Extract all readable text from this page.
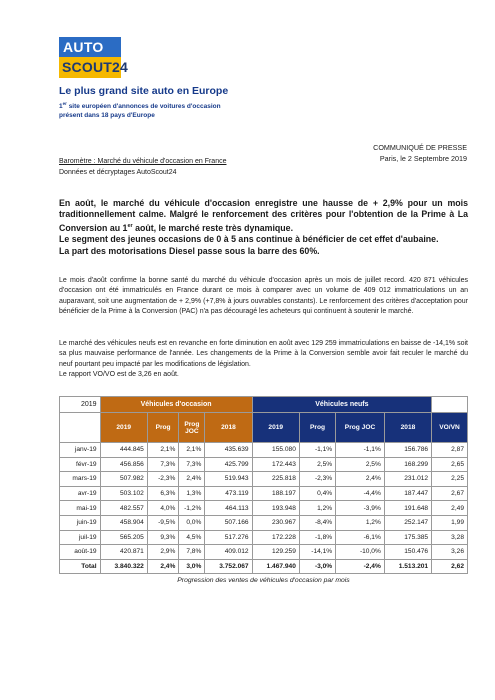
AUTO
SCOUT24
Le plus grand site auto en Europe
1er site européen d'annonces de voitures d'occasion
présent dans 18 pays d'Europe
COMMUNIQUÉ DE PRESSE
Paris, le 2 Septembre 2019
Baromètre : Marché du véhicule d'occasion en France
Données et décryptages AutoScout24
En août, le marché du véhicule d'occasion enregistre une hausse de + 2,9% pour un mois traditionnellement calme. Malgré le renforcement des critères pour l'obtention de la Prime à La Conversion au 1er août, le marché reste très dynamique.
Le segment des jeunes occasions de 0 à 5 ans continue à bénéficier de cet effet d'aubaine.
La part des motorisations Diesel passe sous la barre des 60%.
Le mois d'août confirme la bonne santé du marché du véhicule d'occasion après un mois de juillet record. 420 871 véhicules d'occasion ont été immatriculés en France durant ce mois à comparer avec un volume de 409 012 immatriculations un an auparavant, soit une augmentation de + 2,9% (+7,8% à jours ouvrables constants). Le renforcement des critères d'acceptation pour bénéficier de la Prime à la Conversion (PAC) n'a pas découragé les acheteurs qui continuent à soutenir le marché.
Le marché des véhicules neufs est en revanche en forte diminution en août avec 129 259 immatriculations en baisse de -14,1% soit sa plus mauvaise performance de l'année. Les changements de la Prime à la Conversion semble avoir fait reculer le marché du neuf pourtant peu impacté par les modifications de législation.
Le rapport VO/VO est de 3,26 en août.
2019	Véhicules d'occasion				Véhicules neufs				
	2019	Prog	Prog JOC	2018	2019	Prog	Prog JOC	2018	VO/VN
janv-19	444.845	2,1%	2,1%	435.639	155.080	-1,1%	-1,1%	156.786	2,87
févr-19	456.856	7,3%	7,3%	425.799	172.443	2,5%	2,5%	168.299	2,65
mars-19	507.982	-2,3%	2,4%	519.943	225.818	-2,3%	2,4%	231.012	2,25
avr-19	503.102	6,3%	1,3%	473.119	188.197	0,4%	-4,4%	187.447	2,67
mai-19	482.557	4,0%	-1,2%	464.113	193.948	1,2%	-3,9%	191.648	2,49
juin-19	458.904	-9,5%	0,0%	507.166	230.967	-8,4%	1,2%	252.147	1,99
juil-19	565.205	9,3%	4,5%	517.276	172.228	-1,8%	-6,1%	175.385	3,28
août-19	420.871	2,9%	7,8%	409.012	129.259	-14,1%	-10,0%	150.476	3,26
Total	3.840.322	2,4%	3,0%	3.752.067	1.467.940	-3,0%	-2,4%	1.513.201	2,62
Progression des ventes de véhicules d'occasion par mois
